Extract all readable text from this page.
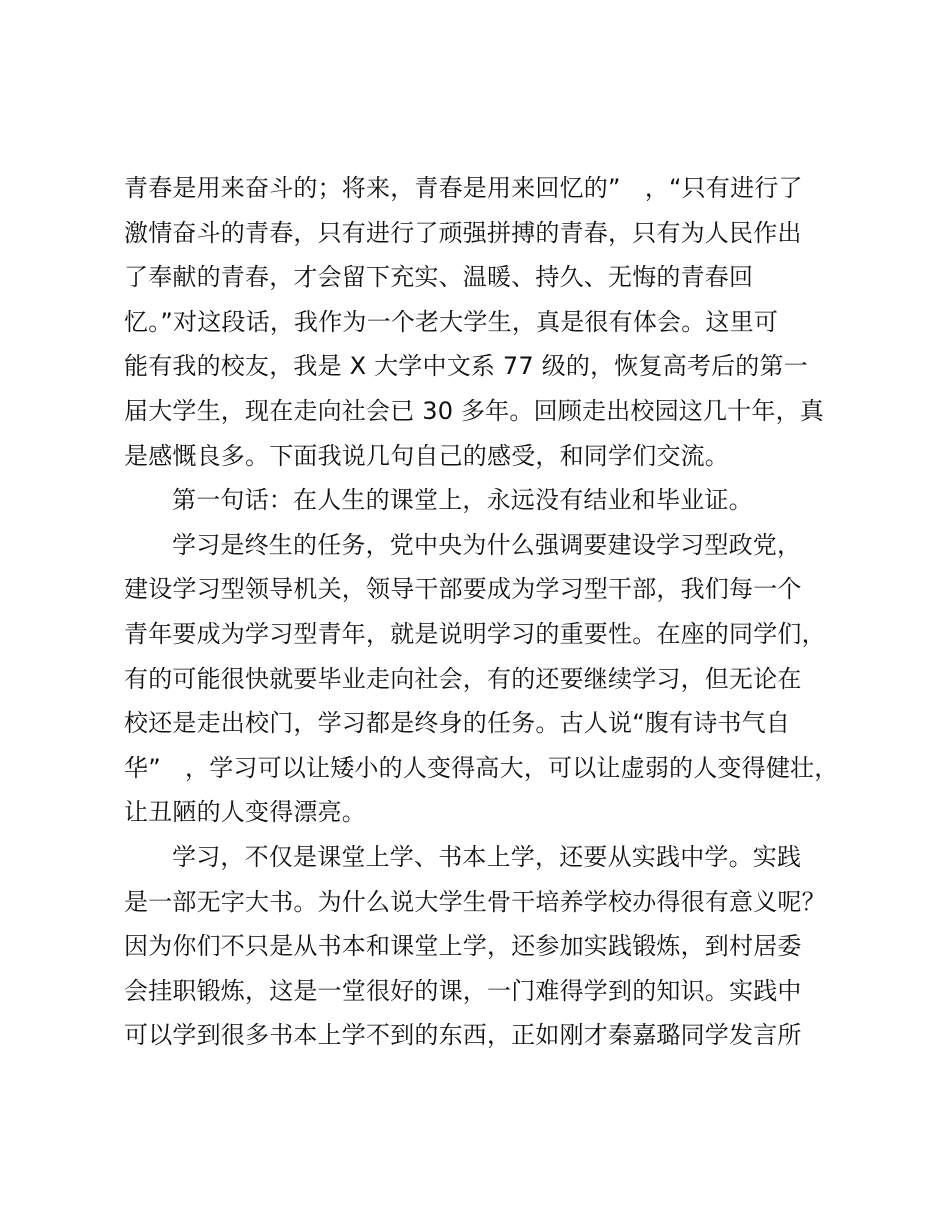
青春是用来奋斗的；将来，青春是用来回忆的”　，“只有进行了
激情奋斗的青春，只有进行了顽强拼搏的青春，只有为人民作出
了奉献的青春，才会留下充实、温暖、持久、无悔的青春回
忆。”对这段话，我作为一个老大学生，真是很有体会。这里可
能有我的校友，我是 X 大学中文系 77 级的，恢复高考后的第一
届大学生，现在走向社会已 30 多年。回顾走出校园这几十年，真
是感慨良多。下面我说几句自己的感受，和同学们交流。
第一句话：在人生的课堂上，永远没有结业和毕业证。
学习是终生的任务，党中央为什么强调要建设学习型政党，
建设学习型领导机关，领导干部要成为学习型干部，我们每一个
青年要成为学习型青年，就是说明学习的重要性。在座的同学们，
有的可能很快就要毕业走向社会，有的还要继续学习，但无论在
校还是走出校门，学习都是终身的任务。古人说“腹有诗书气自
华”　，学习可以让矮小的人变得高大，可以让虚弱的人变得健壮，
让丑陋的人变得漂亮。
学习，不仅是课堂上学、书本上学，还要从实践中学。实践
是一部无字大书。为什么说大学生骨干培养学校办得很有意义呢？
因为你们不只是从书本和课堂上学，还参加实践锻炼，到村居委
会挂职锻炼，这是一堂很好的课，一门难得学到的知识。实践中
可以学到很多书本上学不到的东西，正如刚才秦嘉璐同学发言所
